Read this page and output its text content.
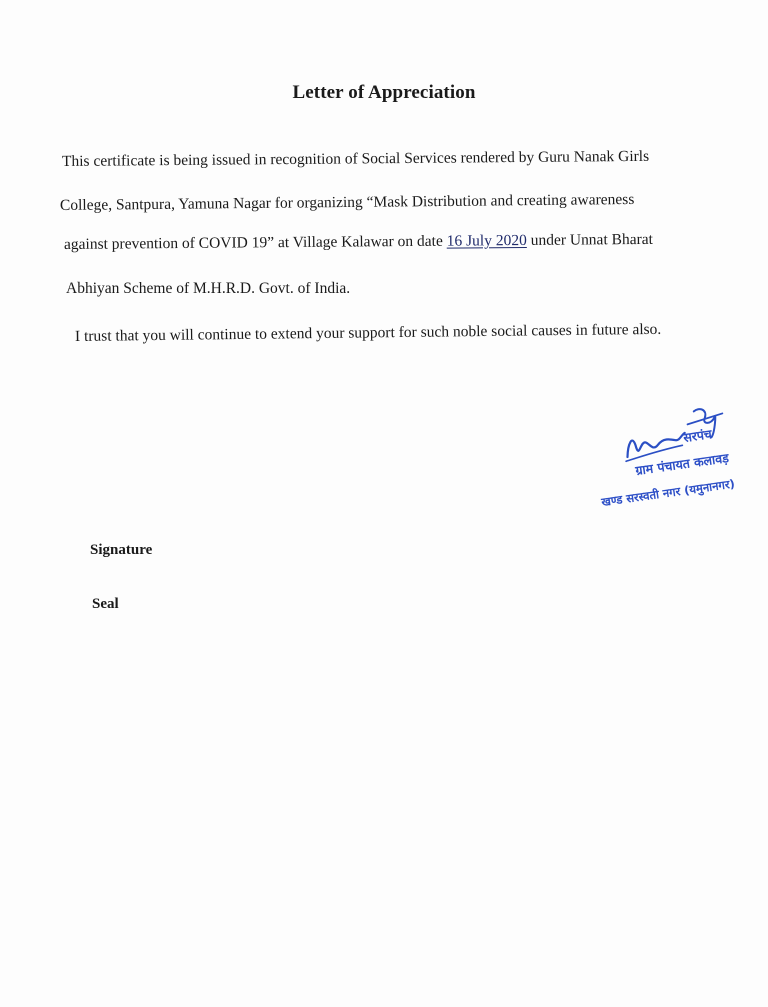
Letter of Appreciation
This certificate is being issued in recognition of Social Services rendered by Guru Nanak Girls
College, Santpura, Yamuna Nagar for organizing “Mask Distribution and creating awareness
against prevention of COVID 19” at Village Kalawar on date 16 July 2020 under Unnat Bharat
Abhiyan Scheme of M.H.R.D. Govt. of India.
I trust that you will continue to extend your support for such noble social causes in future also.
सरपंच
ग्राम पंचायत कलावड़
खण्ड सरस्वती नगर (यमुनानगर)
Signature
Seal
